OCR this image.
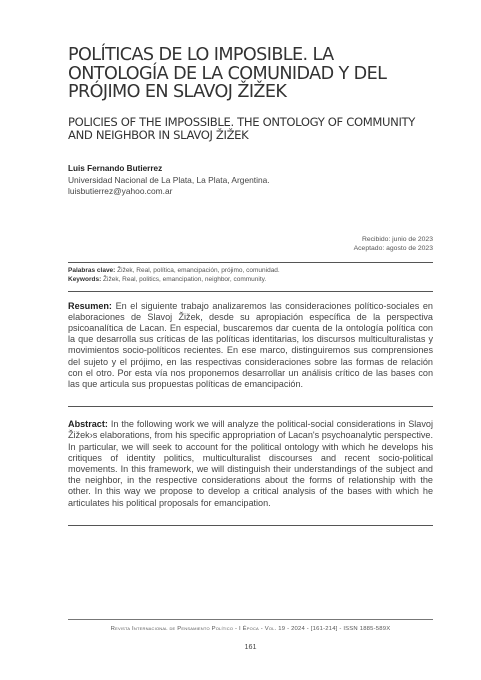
POLÍTICAS DE LO IMPOSIBLE. LA ONTOLOGÍA DE LA COMUNIDAD Y DEL PRÓJIMO EN SLAVOJ ŽIŽEK
POLICIES OF THE IMPOSSIBLE. THE ONTOLOGY OF COMMUNITY AND NEIGHBOR IN SLAVOJ ŽIŽEK
Luis Fernando Butierrez
Universidad Nacional de La Plata, La Plata, Argentina.
luisbutierrez@yahoo.com.ar
Recibido: junio de 2023
Aceptado: agosto de 2023
Palabras clave: Žižek, Real, política, emancipación, prójimo, comunidad.
Keywords: Žižek, Real, politics, emancipation, neighbor, community.

Resumen: En el siguiente trabajo analizaremos las consideraciones político-sociales en elaboraciones de Slavoj Žižek, desde su apropiación específica de la perspectiva psicoanalítica de Lacan. En especial, buscaremos dar cuenta de la ontología política con la que desarrolla sus críticas de las políticas identitarias, los discursos multiculturalistas y movimientos socio-políticos recientes. En ese marco, distinguiremos sus comprensiones del sujeto y el prójimo, en las respectivas consideraciones sobre las formas de relación con el otro. Por esta vía nos proponemos desarrollar un análisis crítico de las bases con las que articula sus propuestas políticas de emancipación.

Abstract: In the following work we will analyze the political-social considerations in Slavoj Žižek›s elaborations, from his specific appropriation of Lacan's psychoanalytic perspective. In particular, we will seek to account for the political ontology with which he develops his critiques of identity politics, multiculturalist discourses and recent socio-political movements. In this framework, we will distinguish their understandings of the subject and the neighbor, in the respective considerations about the forms of relationship with the other. In this way we propose to develop a critical analysis of the bases with which he articulates his political proposals for emancipation.

Revista Internacional de Pensamiento Político - I Época - Vol. 19 - 2024 - [161-214] - ISSN 1885-589X
161
